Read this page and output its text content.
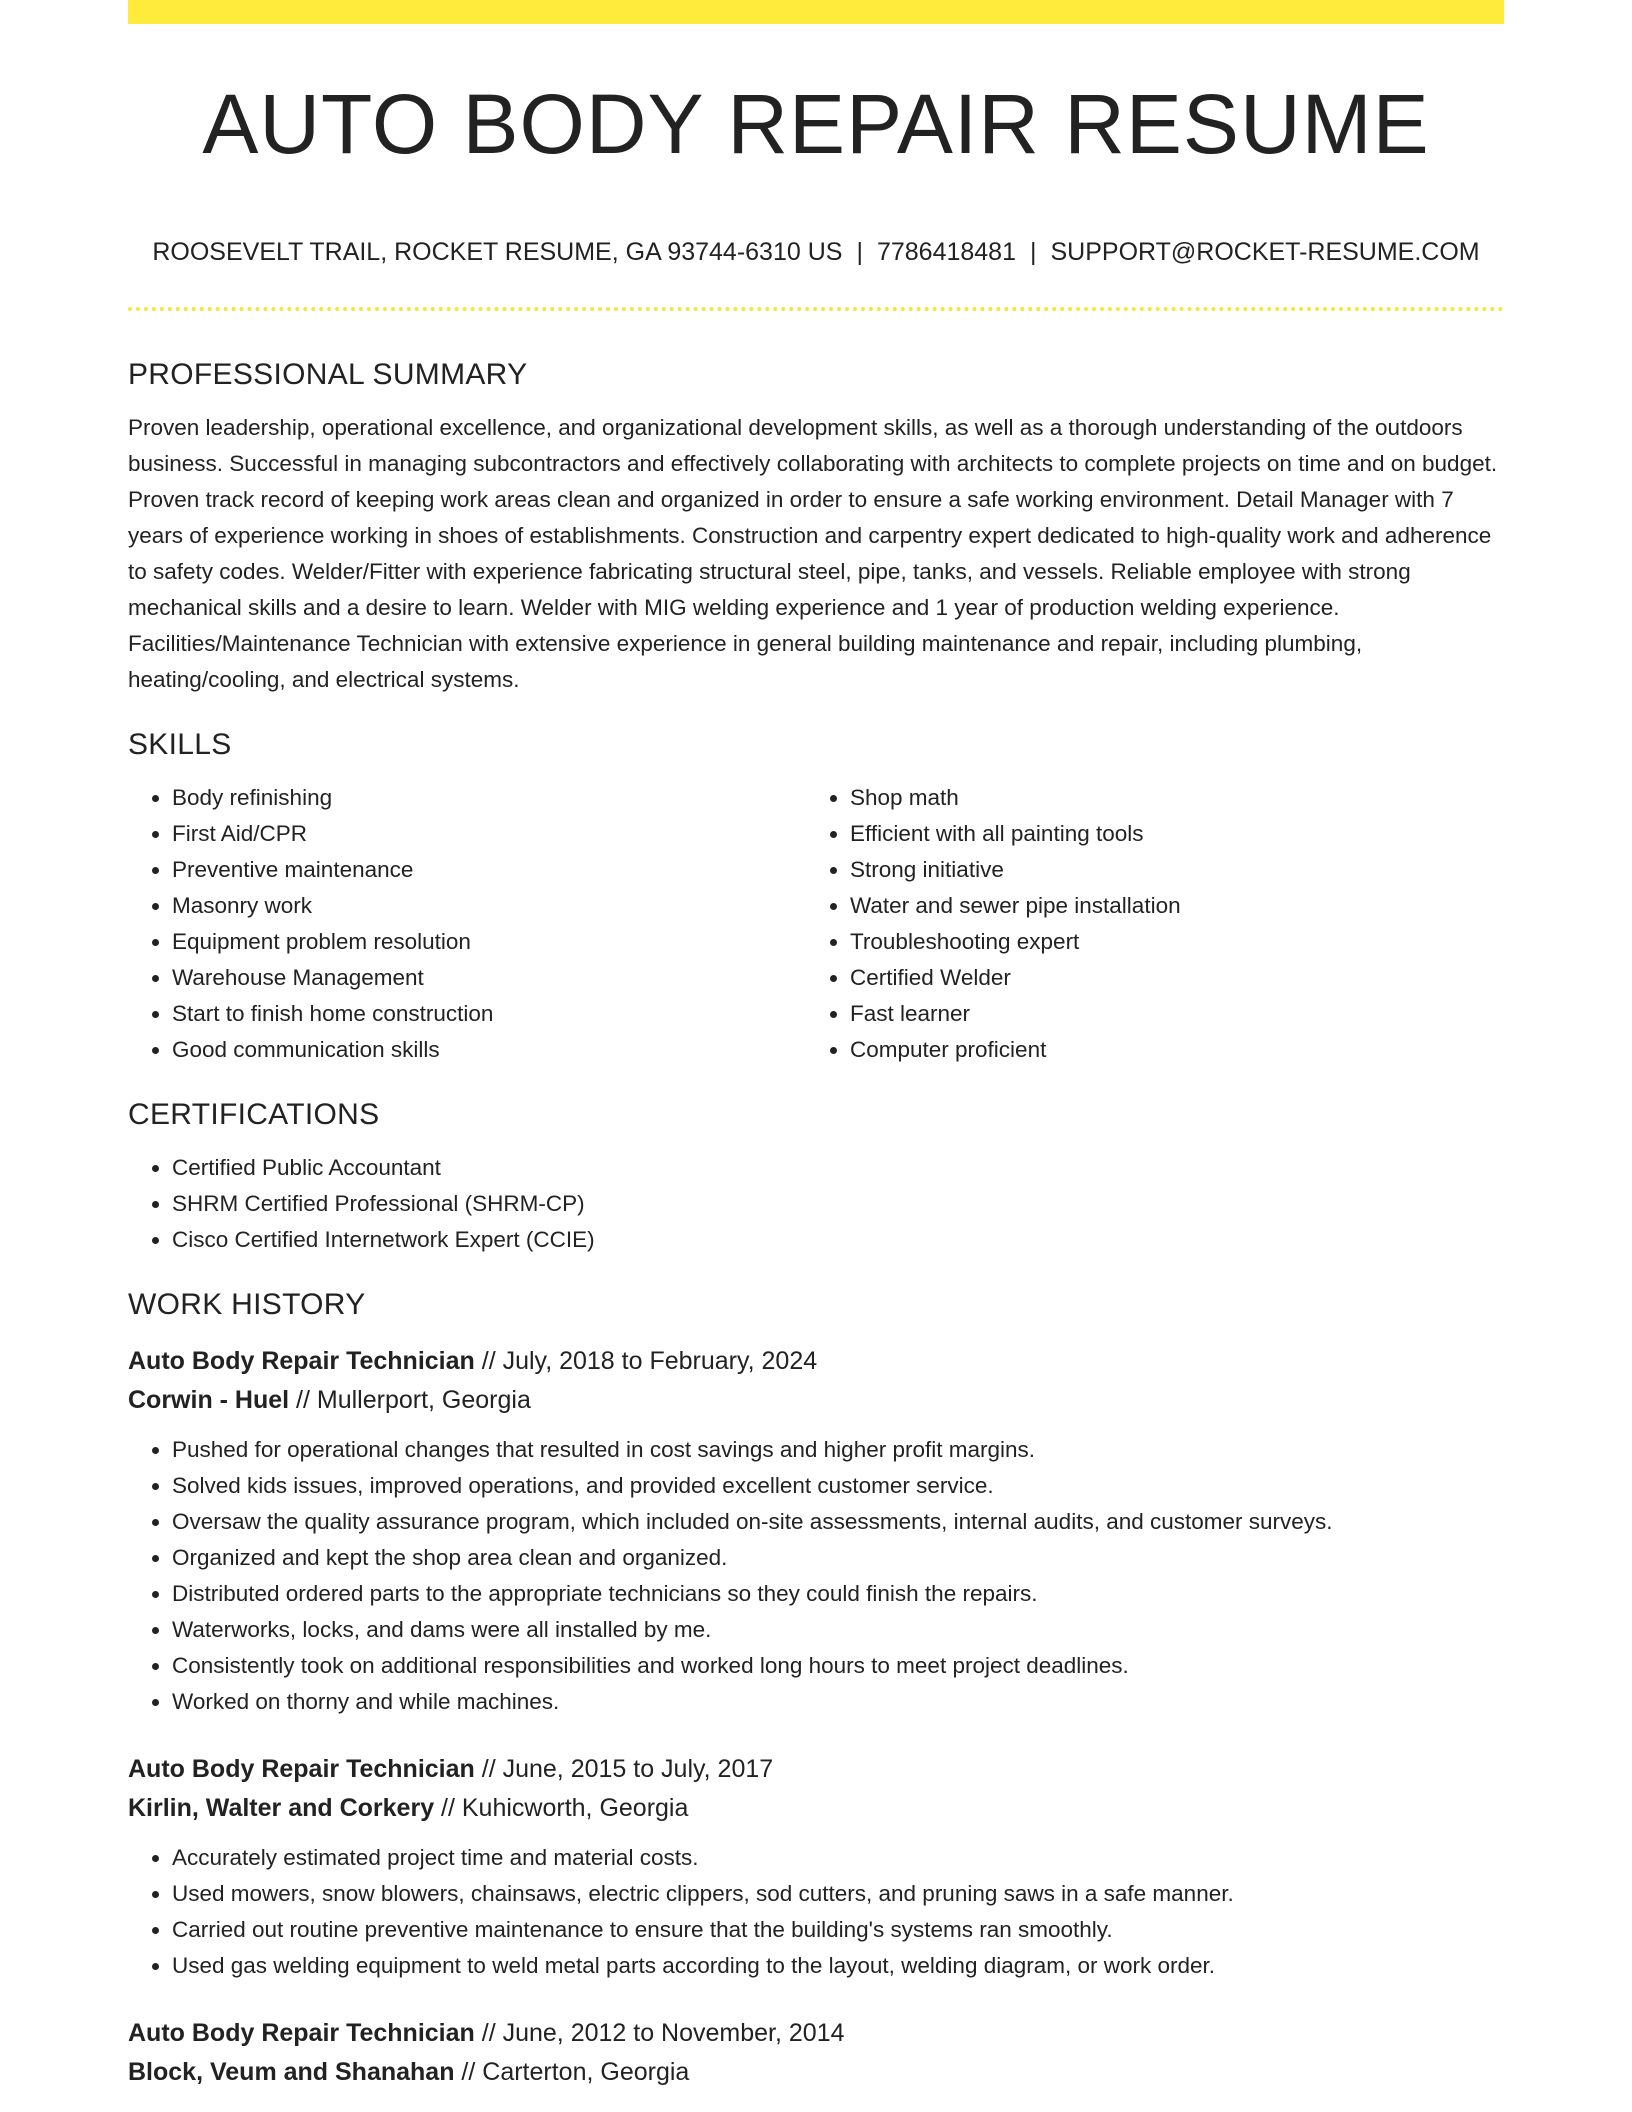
AUTO BODY REPAIR RESUME
ROOSEVELT TRAIL, ROCKET RESUME, GA 93744-6310 US | 7786418481 | SUPPORT@ROCKET-RESUME.COM
PROFESSIONAL SUMMARY

Proven leadership, operational excellence, and organizational development skills, as well as a thorough understanding of the outdoors business. Successful in managing subcontractors and effectively collaborating with architects to complete projects on time and on budget. Proven track record of keeping work areas clean and organized in order to ensure a safe working environment. Detail Manager with 7 years of experience working in shoes of establishments. Construction and carpentry expert dedicated to high-quality work and adherence to safety codes. Welder/Fitter with experience fabricating structural steel, pipe, tanks, and vessels. Reliable employee with strong mechanical skills and a desire to learn. Welder with MIG welding experience and 1 year of production welding experience. Facilities/Maintenance Technician with extensive experience in general building maintenance and repair, including plumbing, heating/cooling, and electrical systems.

SKILLS
• Body refinishing
• First Aid/CPR
• Preventive maintenance
• Masonry work
• Equipment problem resolution
• Warehouse Management
• Start to finish home construction
• Good communication skills
• Shop math
• Efficient with all painting tools
• Strong initiative
• Water and sewer pipe installation
• Troubleshooting expert
• Certified Welder
• Fast learner
• Computer proficient
CERTIFICATIONS
• Certified Public Accountant
• SHRM Certified Professional (SHRM-CP)
• Cisco Certified Internetwork Expert (CCIE)
WORK HISTORY
Auto Body Repair Technician // July, 2018 to February, 2024
Corwin - Huel // Mullerport, Georgia
• Pushed for operational changes that resulted in cost savings and higher profit margins.
• Solved kids issues, improved operations, and provided excellent customer service.
• Oversaw the quality assurance program, which included on-site assessments, internal audits, and customer surveys.
• Organized and kept the shop area clean and organized.
• Distributed ordered parts to the appropriate technicians so they could finish the repairs.
• Waterworks, locks, and dams were all installed by me.
• Consistently took on additional responsibilities and worked long hours to meet project deadlines.
• Worked on thorny and while machines.
Auto Body Repair Technician // June, 2015 to July, 2017
Kirlin, Walter and Corkery // Kuhicworth, Georgia
• Accurately estimated project time and material costs.
• Used mowers, snow blowers, chainsaws, electric clippers, sod cutters, and pruning saws in a safe manner.
• Carried out routine preventive maintenance to ensure that the building's systems ran smoothly.
• Used gas welding equipment to weld metal parts according to the layout, welding diagram, or work order.
Auto Body Repair Technician // June, 2012 to November, 2014
Block, Veum and Shanahan // Carterton, Georgia
